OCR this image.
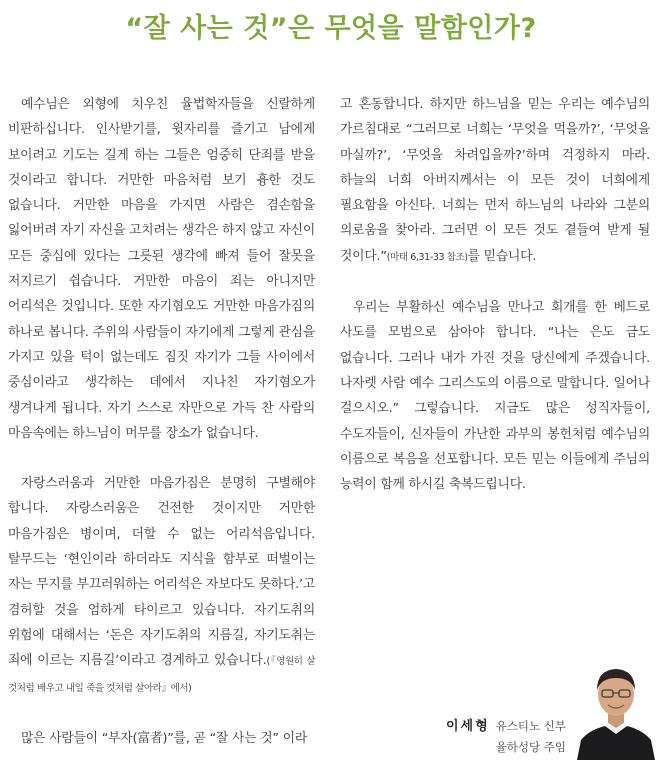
“잘 사는 것”은 무엇을 말함인가?

예수님은 외형에 치우친 율법학자들을 신랄하게 비판하십니다. 인사받기를, 윗자리를 즐기고 남에게 보이려고 기도는 길게 하는 그들은 엄중히 단죄를 받을 것이라고 합니다. 거만한 마음처럼 보기 흉한 것도 없습니다. 거만한 마음을 가지면 사람은 겸손함을 잃어버려 자기 자신을 고치려는 생각은 하지 않고 자신이 모든 중심에 있다는 그릇된 생각에 빠져 들어 잘못을 저지르기 쉽습니다. 거만한 마음이 죄는 아니지만 어리석은 것입니다. 또한 자기혐오도 거만한 마음가짐의 하나로 봅니다. 주위의 사람들이 자기에게 그렇게 관심을 가지고 있을 턱이 없는데도 짐짓 자기가 그들 사이에서 중심이라고 생각하는 데에서 지나친 자기혐오가 생겨나게 됩니다. 자기 스스로 자만으로 가득 찬 사람의 마음속에는 하느님이 머무를 장소가 없습니다.

자랑스러움과 거만한 마음가짐은 분명히 구별해야 합니다. 자랑스러움은 건전한 것이지만 거만한 마음가짐은 병이며, 더할 수 없는 어리석음입니다. 탈무드는 ‘현인이라 하더라도 지식을 함부로 떠벌이는 자는 무지를 부끄러워하는 어리석은 자보다도 못하다.’고 겸허할 것을 엄하게 타이르고 있습니다. 자기도취의 위험에 대해서는 ‘돈은 자기도취의 지름길, 자기도취는 죄에 이르는 지름길’이라고 경계하고 있습니다.(『영원히 살 것처럼 배우고 내일 죽을 것처럼 살아라』에서)

많은 사람들이 “부자(富者)”를, 곧 “잘 사는 것” 이라

고 혼동합니다. 하지만 하느님을 믿는 우리는 예수님의 가르침대로 “그러므로 너희는 ‘무엇을 먹을까?’, ‘무엇을 마실까?’, ‘무엇을 차려입을까?’하며 걱정하지 마라. 하늘의 너희 아버지께서는 이 모든 것이 너희에게 필요함을 아신다. 너희는 먼저 하느님의 나라와 그분의 의로움을 찾아라. 그러면 이 모든 것도 곁들여 받게 될 것이다.”(마태 6,31-33 참조)를 믿습니다.

우리는 부활하신 예수님을 만나고 회개를 한 베드로 사도를 모범으로 삼아야 합니다. “나는 은도 금도 없습니다. 그러나 내가 가진 것을 당신에게 주겠습니다. 나자렛 사람 예수 그리스도의 이름으로 말합니다. 일어나 걸으시오.” 그렇습니다. 지금도 많은 성직자들이, 수도자들이, 신자들이 가난한 과부의 봉헌처럼 예수님의 이름으로 복음을 선포합니다. 모든 믿는 이들에게 주님의 능력이 함께 하시길 축복드립니다.

이세형 유스티노 신부
율하성당 주임
